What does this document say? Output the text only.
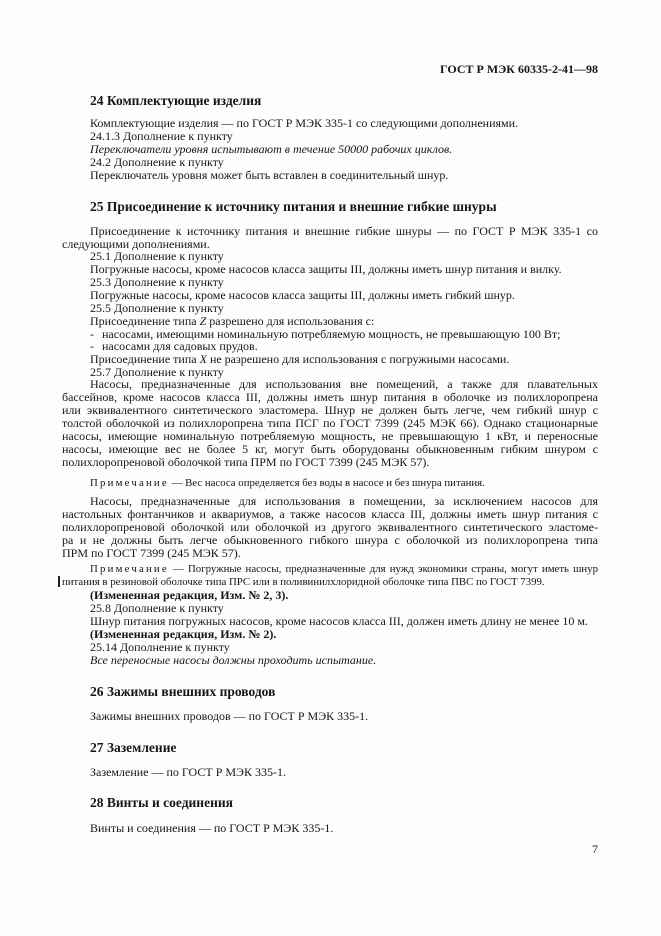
ГОСТ Р МЭК 60335-2-41—98
24 Комплектующие изделия
Комплектующие изделия — по ГОСТ Р МЭК 335-1 со следующими дополнениями.
24.1.3 Дополнение к пункту
Переключатели уровня испытывают в течение 50000 рабочих циклов.
24.2 Дополнение к пункту
Переключатель уровня может быть вставлен в соединительный шнур.
25 Присоединение к источнику питания и внешние гибкие шнуры
Присоединение к источнику питания и внешние гибкие шнуры — по ГОСТ Р МЭК 335-1 со
следующими дополнениями.
25.1 Дополнение к пункту
Погружные насосы, кроме насосов класса защиты III, должны иметь шнур питания и вилку.
25.3 Дополнение к пункту
Погружные насосы, кроме насосов класса защиты III, должны иметь гибкий шнур.
25.5 Дополнение к пункту
Присоединение типа Z разрешено для использования с:
- насосами, имеющими номинальную потребляемую мощность, не превышающую 100 Вт;
- насосами для садовых прудов.
Присоединение типа X не разрешено для использования с погружными насосами.
25.7 Дополнение к пункту
Насосы, предназначенные для использования вне помещений, а также для плавательных
бассейнов, кроме насосов класса III, должны иметь шнур питания в оболочке из полихлоропрена
или эквивалентного синтетического эластомера. Шнур не должен быть легче, чем гибкий шнур с
толстой оболочкой из полихлоропрена типа ПСГ по ГОСТ 7399 (245 МЭК 66). Однако стационарные
насосы, имеющие номинальную потребляемую мощность, не превышающую 1 кВт, и переносные
насосы, имеющие вес не более 5 кг, могут быть оборудованы обыкновенным гибким шнуром с
полихлоропреновой оболочкой типа ПРМ по ГОСТ 7399 (245 МЭК 57).
Примечание — Вес насоса определяется без воды в насосе и без шнура питания.
Насосы, предназначенные для использования в помещении, за исключением насосов для
настольных фонтанчиков и аквариумов, а также насосов класса III, должны иметь шнур питания с
полихлоропреновой оболочкой или оболочкой из другого эквивалентного синтетического эластоме-
ра и не должны быть легче обыкновенного гибкого шнура с оболочкой из полихлоропрена типа
ПРМ по ГОСТ 7399 (245 МЭК 57).
Примечание — Погружные насосы, предназначенные для нужд экономики страны, могут иметь шнур
питания в резиновой оболочке типа ПРС или в поливинилхлоридной оболочке типа ПВС по ГОСТ 7399.
(Измененная редакция, Изм. № 2, 3).
25.8 Дополнение к пункту
Шнур питания погружных насосов, кроме насосов класса III, должен иметь длину не менее 10 м.
(Измененная редакция, Изм. № 2).
25.14 Дополнение к пункту
Все переносные насосы должны проходить испытание.
26 Зажимы внешних проводов
Зажимы внешних проводов — по ГОСТ Р МЭК 335-1.
27 Заземление
Заземление — по ГОСТ Р МЭК 335-1.
28 Винты и соединения
Винты и соединения — по ГОСТ Р МЭК 335-1.
7
